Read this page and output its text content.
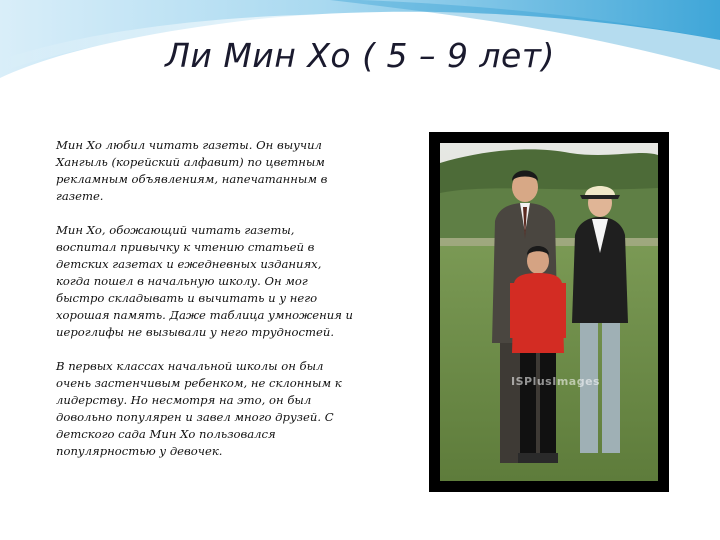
Ли Мин Хо ( 5 – 9 лет)

Мин Хо любил читать газеты. Он выучил Хангыль (корейский алфавит) по цветным рекламным объявлениям, напечатанным в газете.

Мин Хо, обожающий читать газеты, воспитал привычку к чтению статьей в детских газетах и ежедневных изданиях, когда пошел в начальную школу. Он мог быстро складывать и вычитать и у него хорошая память. Даже таблица умножения и иероглифы не вызывали у него трудностей.

В первых классах начальной школы он был очень застенчивым ребенком, не склонным к лидерству. Но несмотря на это, он был довольно популярен и завел много друзей. С детского сада Мин Хо пользовался популярностью у девочек.

ISPlusImages
